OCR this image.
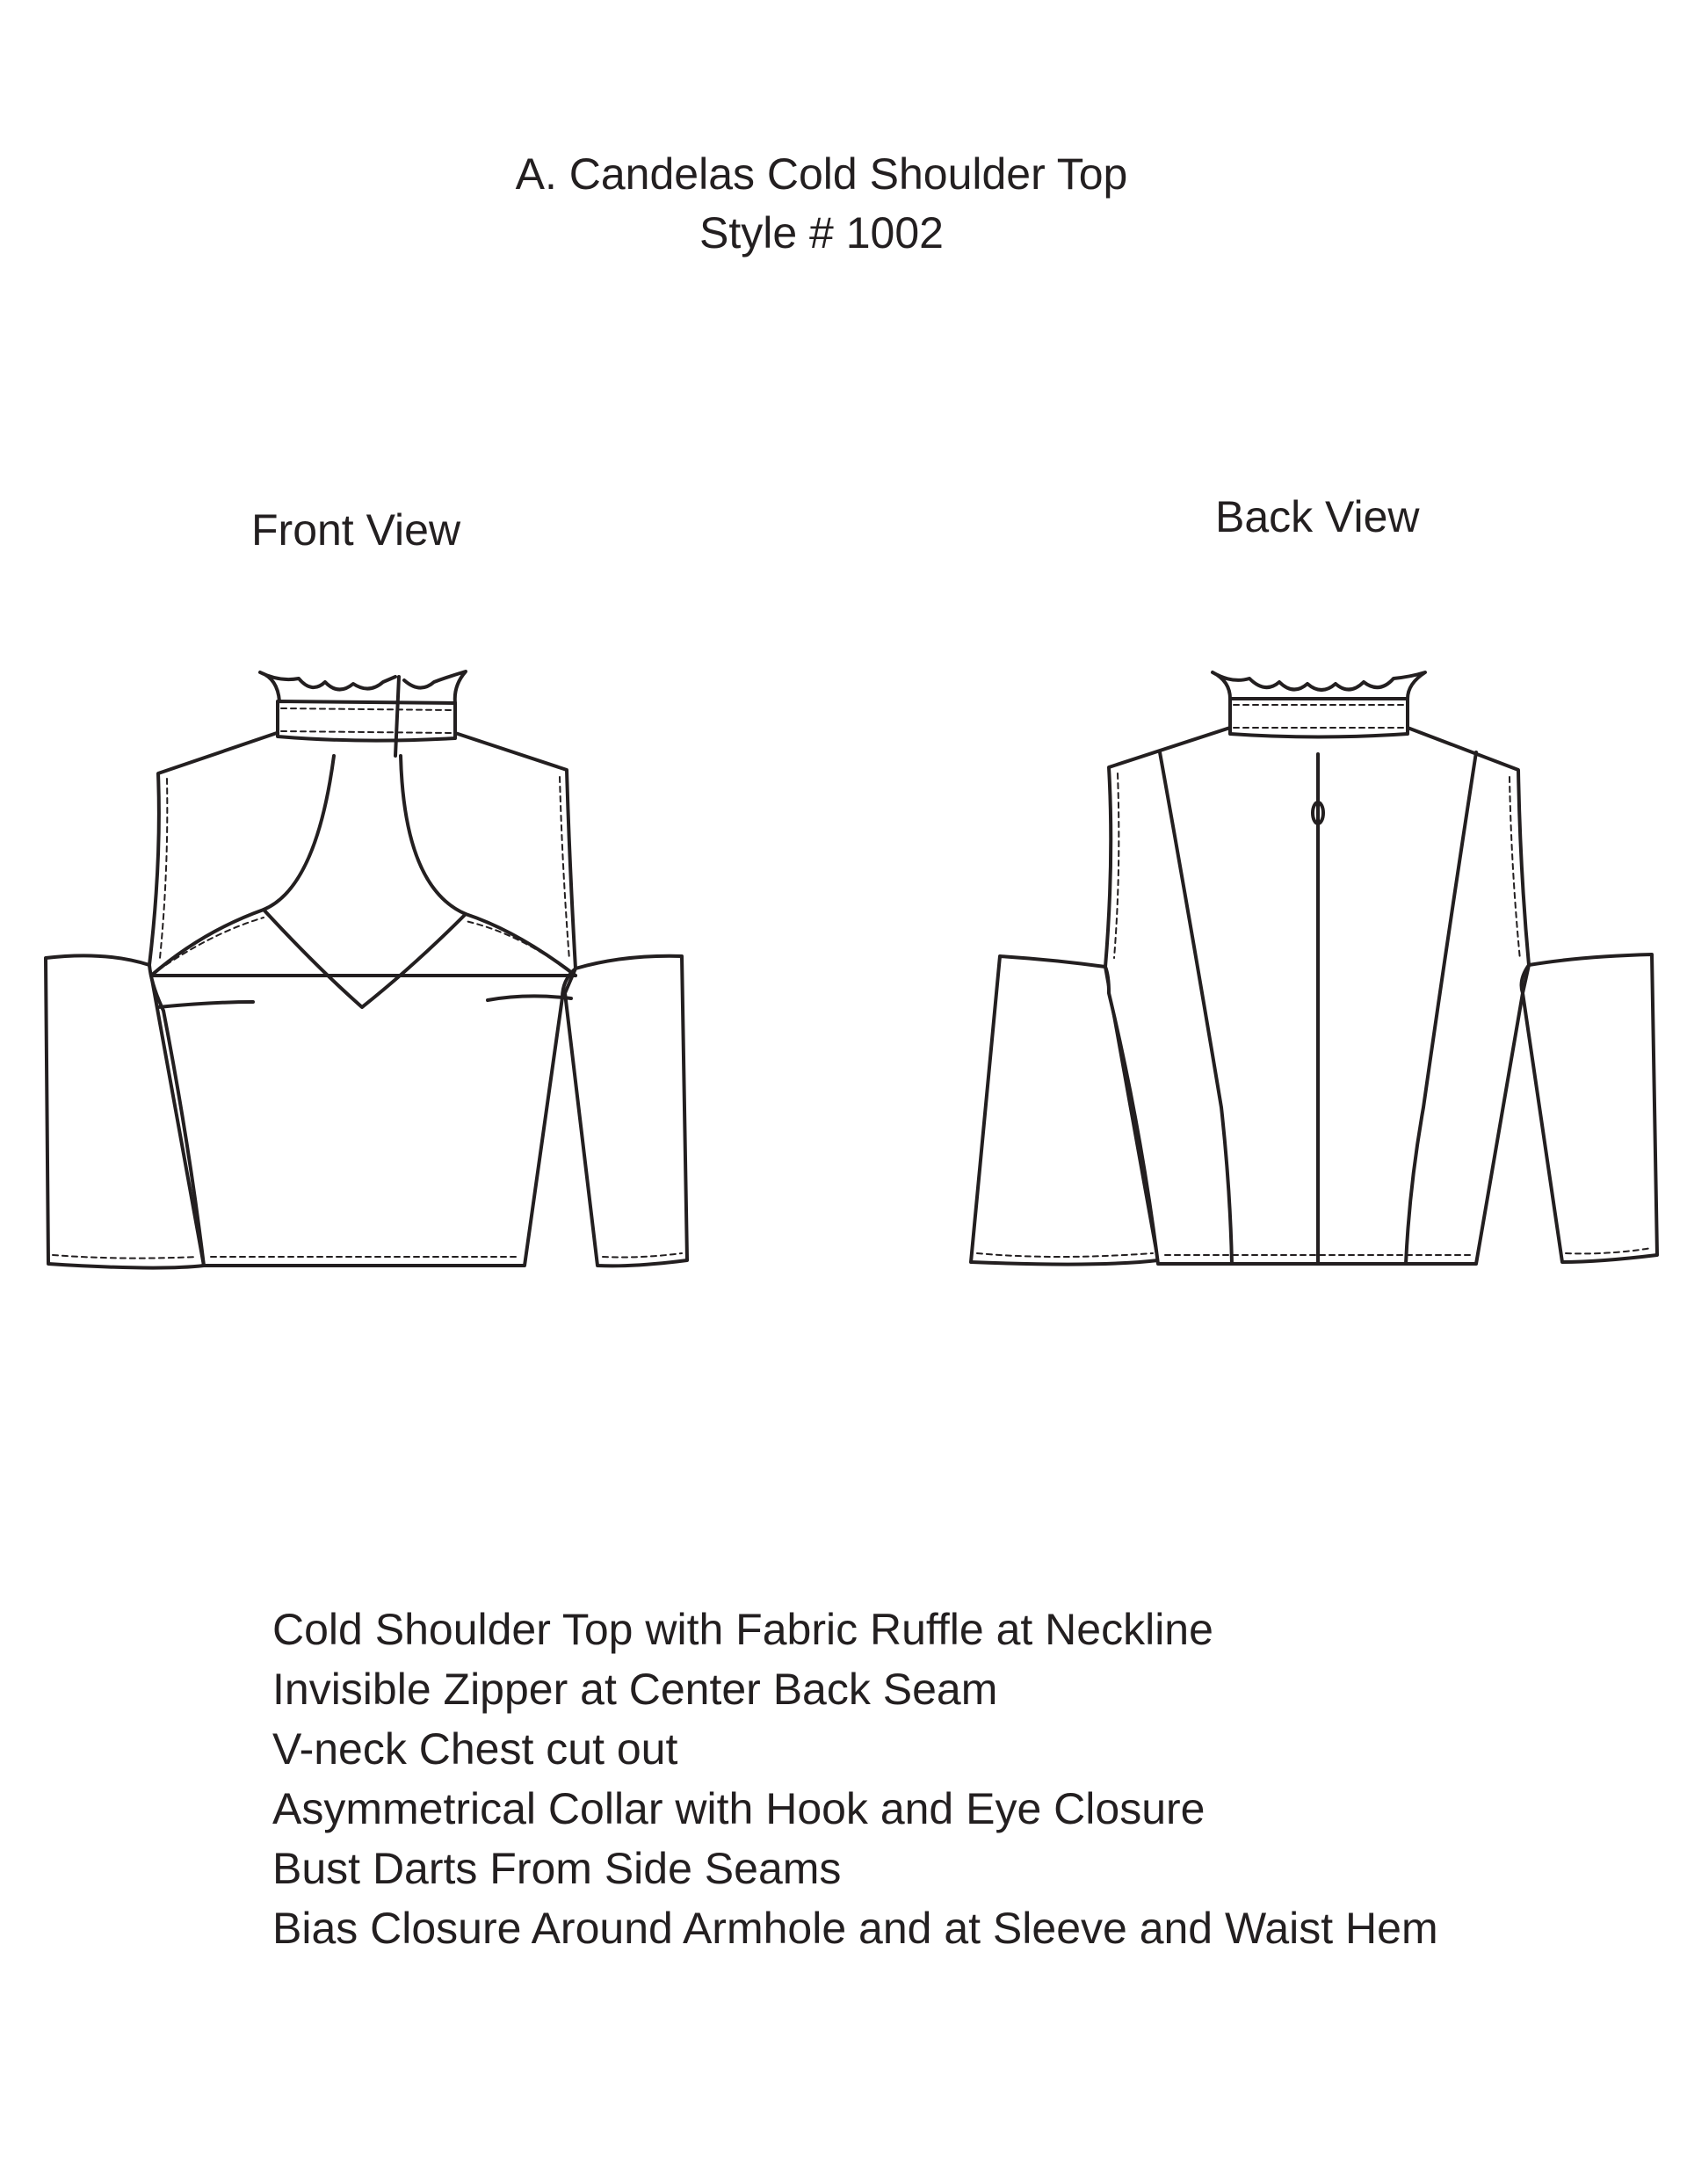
A. Candelas Cold Shoulder Top
Style # 1002
Front View	Back View
Cold Shoulder Top with Fabric Ruffle at Neckline
Invisible Zipper at Center Back Seam
V-neck Chest cut out
Asymmetrical Collar with Hook and Eye Closure
Bust Darts From Side Seams
Bias Closure Around Armhole and at Sleeve and Waist Hem
